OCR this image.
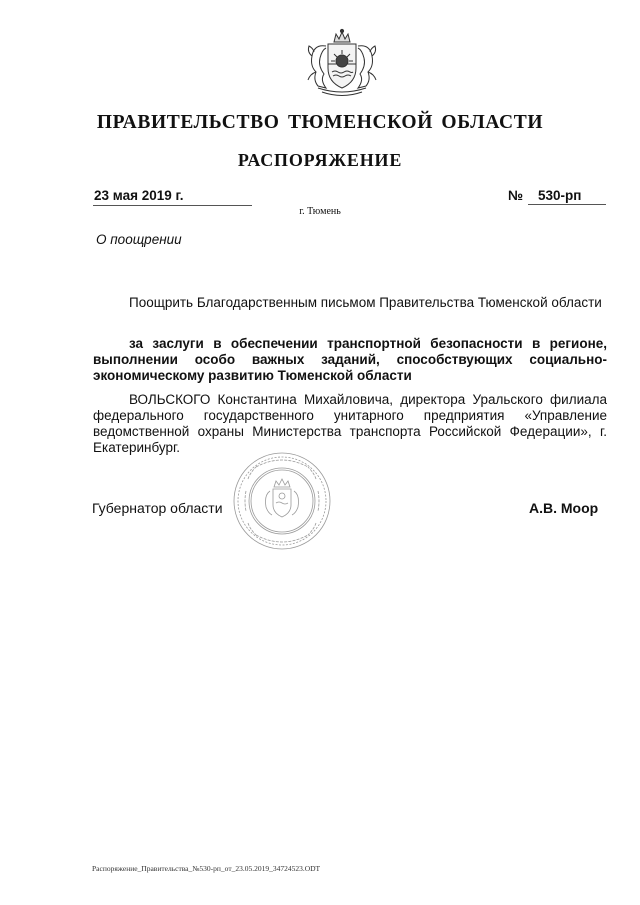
ПРАВИТЕЛЬСТВО ТЮМЕНСКОЙ ОБЛАСТИ
РАСПОРЯЖЕНИЕ
23 мая 2019 г.	№	530-рп
г. Тюмень
О поощрении
Поощрить Благодарственным письмом Правительства Тюменской области
за заслуги в обеспечении транспортной безопасности в регионе, выполнении особо важных заданий, способствующих социально-экономическому развитию Тюменской области
ВОЛЬСКОГО Константина Михайловича, директора Уральского филиала федерального государственного унитарного предприятия «Управление ведомственной охраны Министерства транспорта Российской Федерации», г. Екатеринбург.
Губернатор области	А.В. Моор
Распоряжение_Правительства_№530-рп_от_23.05.2019_34724523.ODT
